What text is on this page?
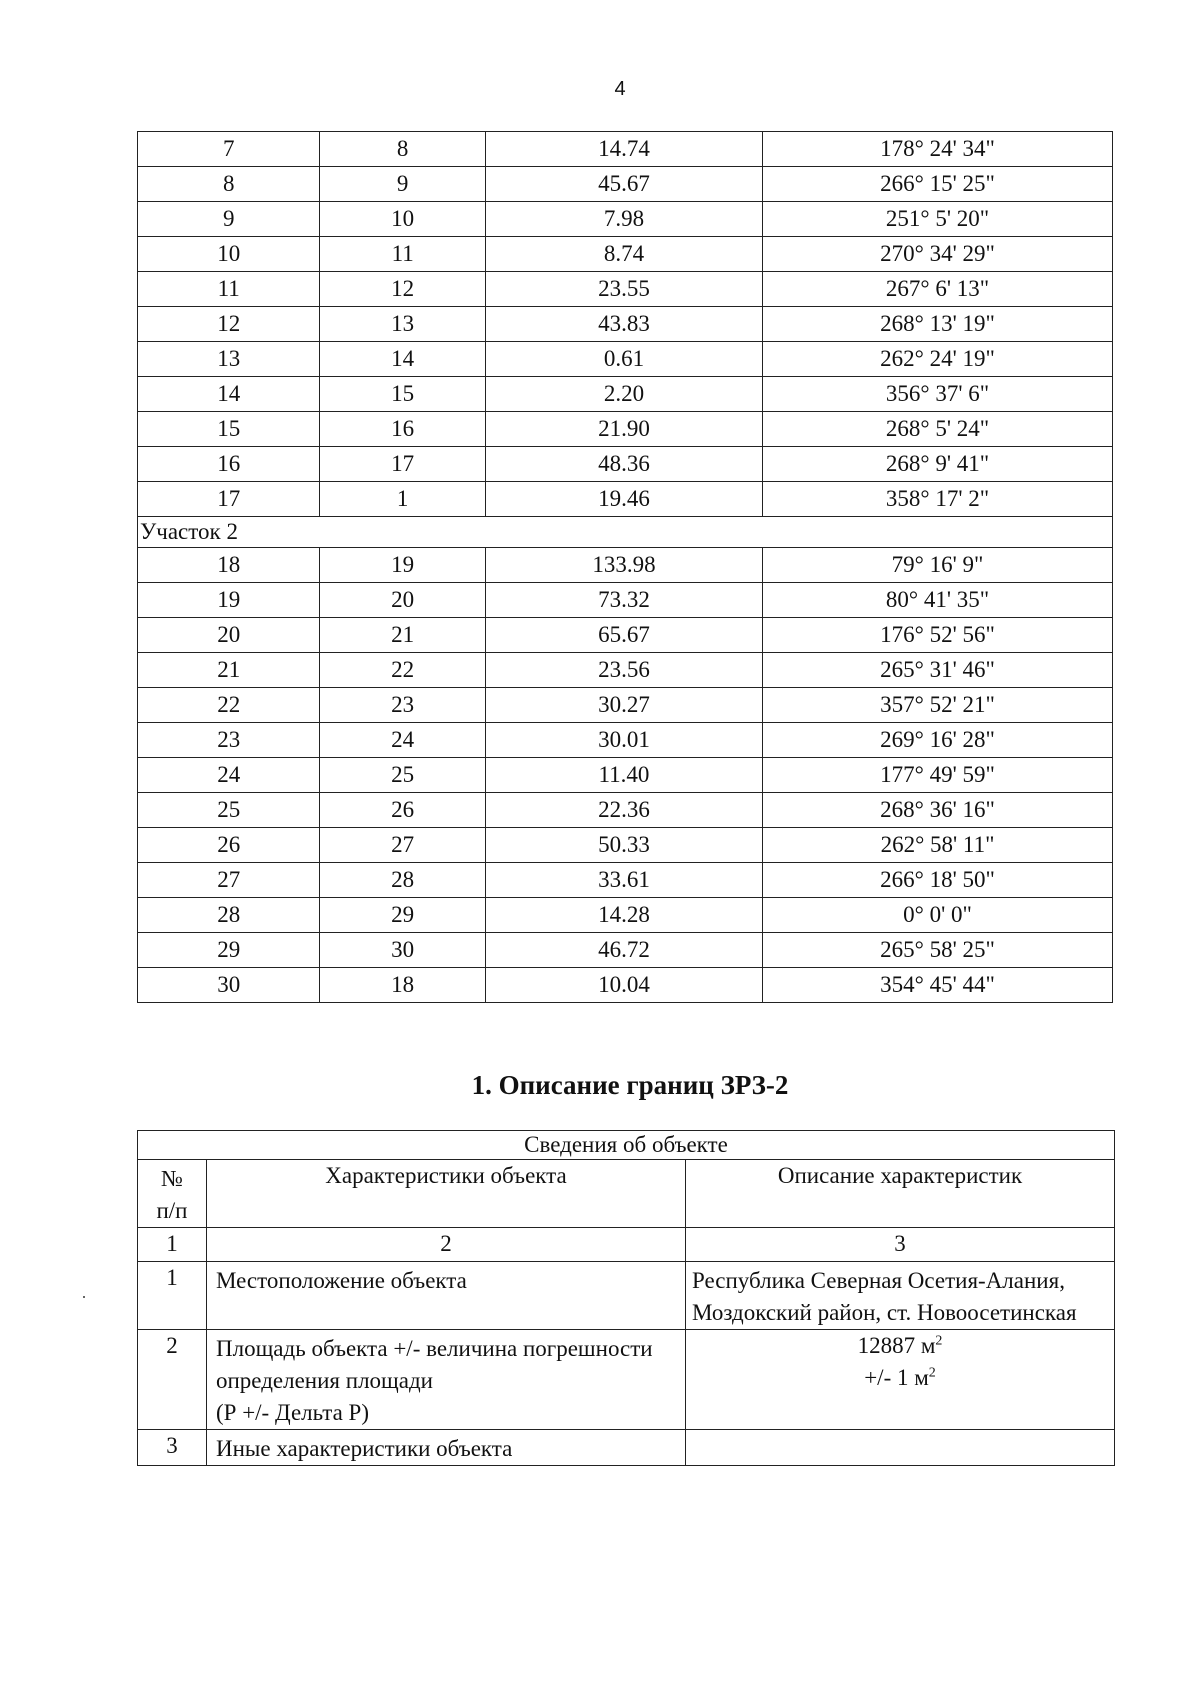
4
7	8	14.74	178° 24' 34"
8	9	45.67	266° 15' 25"
9	10	7.98	251° 5' 20"
10	11	8.74	270° 34' 29"
11	12	23.55	267° 6' 13"
12	13	43.83	268° 13' 19"
13	14	0.61	262° 24' 19"
14	15	2.20	356° 37' 6"
15	16	21.90	268° 5' 24"
16	17	48.36	268° 9' 41"
17	1	19.46	358° 17' 2"
Участок 2			
18	19	133.98	79° 16' 9"
19	20	73.32	80° 41' 35"
20	21	65.67	176° 52' 56"
21	22	23.56	265° 31' 46"
22	23	30.27	357° 52' 21"
23	24	30.01	269° 16' 28"
24	25	11.40	177° 49' 59"
25	26	22.36	268° 36' 16"
26	27	50.33	262° 58' 11"
27	28	33.61	266° 18' 50"
28	29	14.28	0° 0' 0"
29	30	46.72	265° 58' 25"
30	18	10.04	354° 45' 44"
1. Описание границ ЗРЗ-2
Сведения об объекте		

№
п/п	Характеристики объекта	Описание характеристик
1	2	3
1	Местоположение объекта	Республика Северная Осетия-Алания,
Моздокский район, ст. Новоосетинская

2	Площадь объекта +/- величина погрешности
определения площади
(Р +/- Дельта Р)	12887 $м^2$
+/- 1 $м^2$

3	Иные характеристики объекта	
